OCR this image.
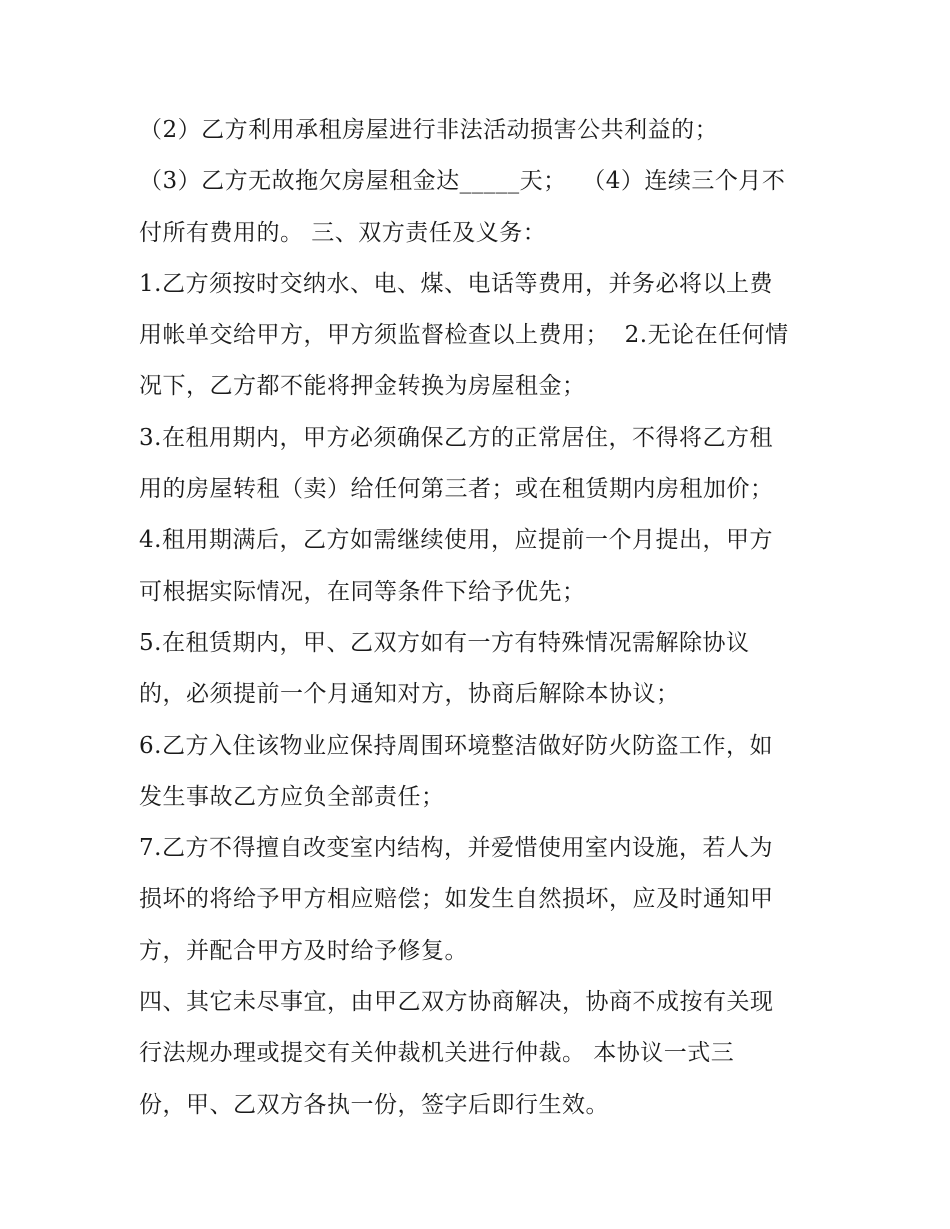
（2）乙方利用承租房屋进行非法活动损害公共利益的；
（3）乙方无故拖欠房屋租金达_____天；  （4）连续三个月不
付所有费用的。 三、双方责任及义务：
1.乙方须按时交纳水、电、煤、电话等费用，并务必将以上费
用帐单交给甲方，甲方须监督检查以上费用；  2.无论在任何情
况下，乙方都不能将押金转换为房屋租金；
3.在租用期内，甲方必须确保乙方的正常居住，不得将乙方租
用的房屋转租（卖）给任何第三者；或在租赁期内房租加价；
4.租用期满后，乙方如需继续使用，应提前一个月提出，甲方
可根据实际情况，在同等条件下给予优先；
5.在租赁期内，甲、乙双方如有一方有特殊情况需解除协议
的，必须提前一个月通知对方，协商后解除本协议；
6.乙方入住该物业应保持周围环境整洁做好防火防盗工作，如
发生事故乙方应负全部责任；
7.乙方不得擅自改变室内结构，并爱惜使用室内设施，若人为
损坏的将给予甲方相应赔偿；如发生自然损坏，应及时通知甲
方，并配合甲方及时给予修复。
四、其它未尽事宜，由甲乙双方协商解决，协商不成按有关现
行法规办理或提交有关仲裁机关进行仲裁。 本协议一式三
份，甲、乙双方各执一份，签字后即行生效。
